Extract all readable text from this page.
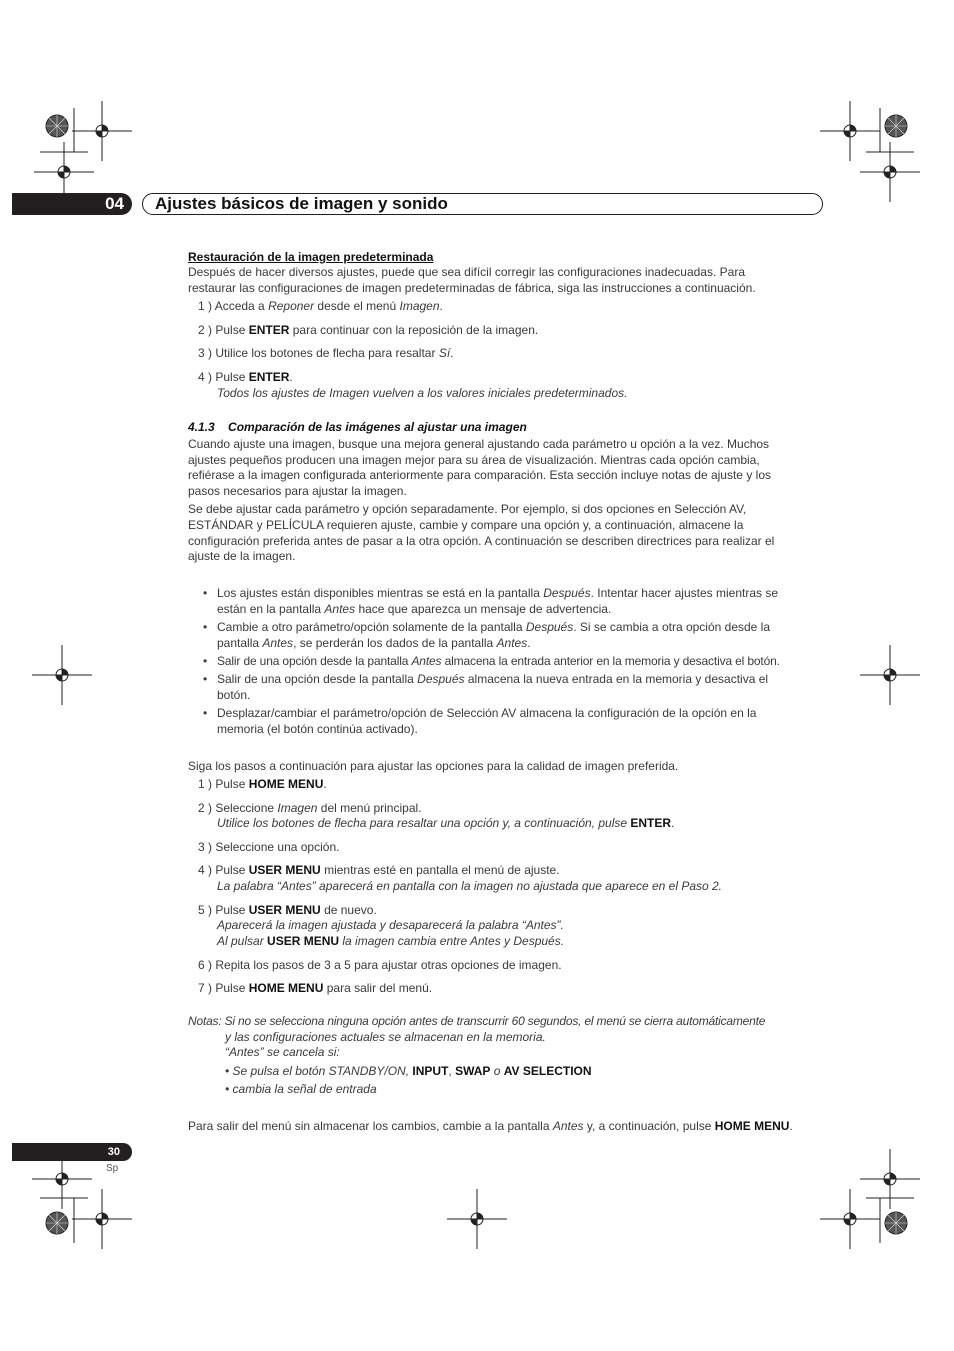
04 Ajustes básicos de imagen y sonido
Restauración de la imagen predeterminada
Después de hacer diversos ajustes, puede que sea difícil corregir las configuraciones inadecuadas. Para
restaurar las configuraciones de imagen predeterminadas de fábrica, siga las instrucciones a continuación.
1 ) Acceda a Reponer desde el menú Imagen.
2 ) Pulse ENTER para continuar con la reposición de la imagen.
3 ) Utilice los botones de flecha para resaltar Sí.
4 ) Pulse ENTER.
Todos los ajustes de Imagen vuelven a los valores iniciales predeterminados.
4.1.3 Comparación de las imágenes al ajustar una imagen
Cuando ajuste una imagen, busque una mejora general ajustando cada parámetro u opción a la vez. Muchos
ajustes pequeños producen una imagen mejor para su área de visualización. Mientras cada opción cambia,
refiérase a la imagen configurada anteriormente para comparación. Esta sección incluye notas de ajuste y los
pasos necesarios para ajustar la imagen.
Se debe ajustar cada parámetro y opción separadamente. Por ejemplo, si dos opciones en Selección AV,
ESTÁNDAR y PELÍCULA requieren ajuste, cambie y compare una opción y, a continuación, almacene la
configuración preferida antes de pasar a la otra opción. A continuación se describen directrices para realizar el
ajuste de la imagen.
• Los ajustes están disponibles mientras se está en la pantalla Después. Intentar hacer ajustes mientras se
están en la pantalla Antes hace que aparezca un mensaje de advertencia.
• Cambie a otro parámetro/opción solamente de la pantalla Después. Si se cambia a otra opción desde la
pantalla Antes, se perderán los dados de la pantalla Antes.
• Salir de una opción desde la pantalla Antes almacena la entrada anterior en la memoria y desactiva el botón.
• Salir de una opción desde la pantalla Después almacena la nueva entrada en la memoria y desactiva el
botón.
• Desplazar/cambiar el parámetro/opción de Selección AV almacena la configuración de la opción en la
memoria (el botón continúa activado).
Siga los pasos a continuación para ajustar las opciones para la calidad de imagen preferida.
1 ) Pulse HOME MENU.
2 ) Seleccione Imagen del menú principal.
Utilice los botones de flecha para resaltar una opción y, a continuación, pulse ENTER.
3 ) Seleccione una opción.
4 ) Pulse USER MENU mientras esté en pantalla el menú de ajuste.
La palabra “Antes” aparecerá en pantalla con la imagen no ajustada que aparece en el Paso 2.
5 ) Pulse USER MENU de nuevo.
Aparecerá la imagen ajustada y desaparecerá la palabra “Antes”.
Al pulsar USER MENU la imagen cambia entre Antes y Después.
6 ) Repita los pasos de 3 a 5 para ajustar otras opciones de imagen.
7 ) Pulse HOME MENU para salir del menú.
Notas: Si no se selecciona ninguna opción antes de transcurrir 60 segundos, el menú se cierra automáticamente
y las configuraciones actuales se almacenan en la memoria.
“Antes” se cancela si:
• Se pulsa el botón STANDBY/ON, INPUT, SWAP o AV SELECTION
• cambia la señal de entrada
Para salir del menú sin almacenar los cambios, cambie a la pantalla Antes y, a continuación, pulse HOME MENU.
30
Sp
